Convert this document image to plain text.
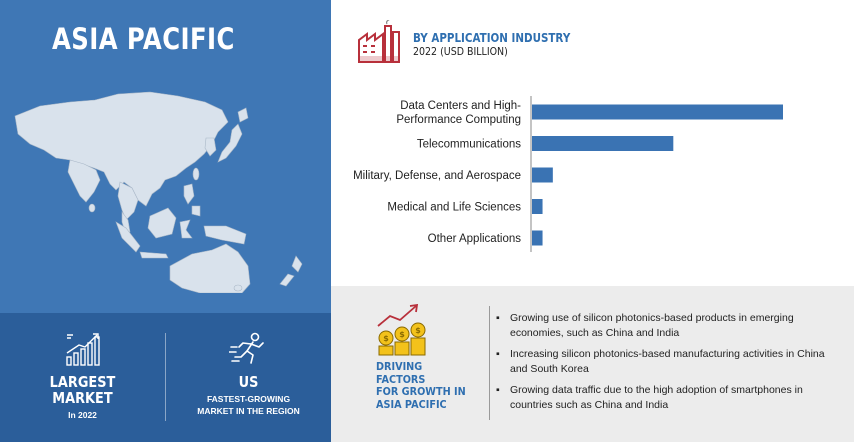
ASIA PACIFIC
LARGEST
MARKET
In 2022
US
FASTEST-GROWING
MARKET IN THE REGION
BY APPLICATION INDUSTRY
2022 (USD BILLION)
Data Centers and High-Performance Computing
Telecommunications
Military, Defense, and Aerospace
Medical and Life Sciences
Other Applications
$ $ $
DRIVING FACTORS
FOR GROWTH IN
ASIA PACIFIC
▪ Growing use of silicon photonics-based products in emerging economies, such as China and India
▪ Increasing silicon photonics-based manufacturing activities in China and South Korea
▪ Growing data traffic due to the high adoption of smartphones in countries such as China and India
